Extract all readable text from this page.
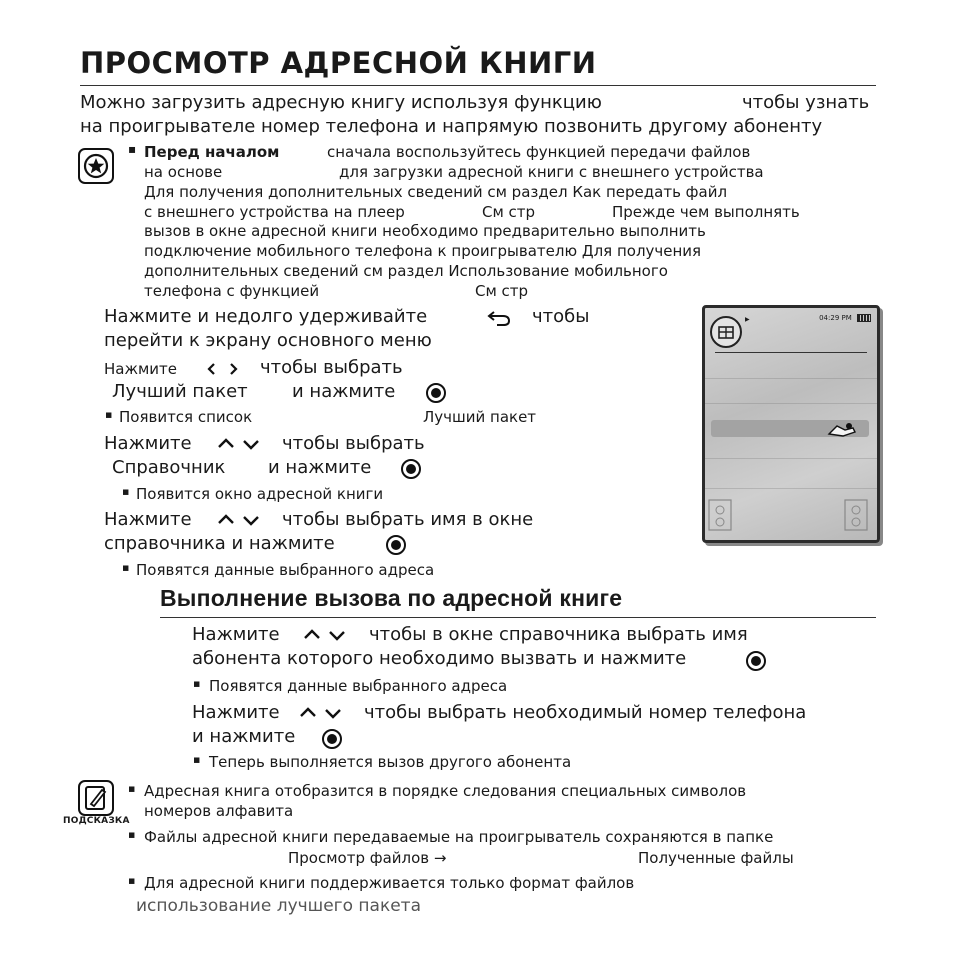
ПРОСМОТР АДРЕСНОЙ КНИГИ
Можно загрузить адресную книгу используя функцию	чтобы узнать
на проигрывателе номер телефона и напрямую позвонить другому абоненту
▪ Перед началом	сначала воспользуйтесь функцией передачи файлов
на основе	для загрузки адресной книги с внешнего устройства
Для получения дополнительных сведений см раздел Как передать файл
с внешнего устройства на плеер	См стр	Прежде чем выполнять
вызов в окне адресной книги необходимо предварительно выполнить
подключение мобильного телефона к проигрывателю Для получения
дополнительных сведений см раздел Использование мобильного
телефона с функцией	См стр
Нажмите и недолго удерживайте	чтобы
перейти к экрану основного меню
Нажмите	чтобы выбрать
Лучший пакет и нажмите
▪ Появится список	Лучший пакет
Нажмите	чтобы выбрать
Справочник и нажмите
▪ Появится окно адресной книги
Нажмите	чтобы выбрать имя в окне
справочника и нажмите
▪ Появятся данные выбранного адреса
04:29 PM
▶
Выполнение вызова по адресной книге
Нажмите	чтобы в окне справочника выбрать имя
абонента которого необходимо вызвать и нажмите
▪ Появятся данные выбранного адреса
Нажмите	чтобы выбрать необходимый номер телефона
и нажмите
▪ Теперь выполняется вызов другого абонента
ПОДСКАЗКА
▪ Адресная книга отобразится в порядке следования специальных символов
номеров алфавита
▪ Файлы адресной книги передаваемые на проигрыватель сохраняются в папке
Просмотр файлов →	Полученные файлы
▪ Для адресной книги поддерживается только формат файлов
использование лучшего пакета
